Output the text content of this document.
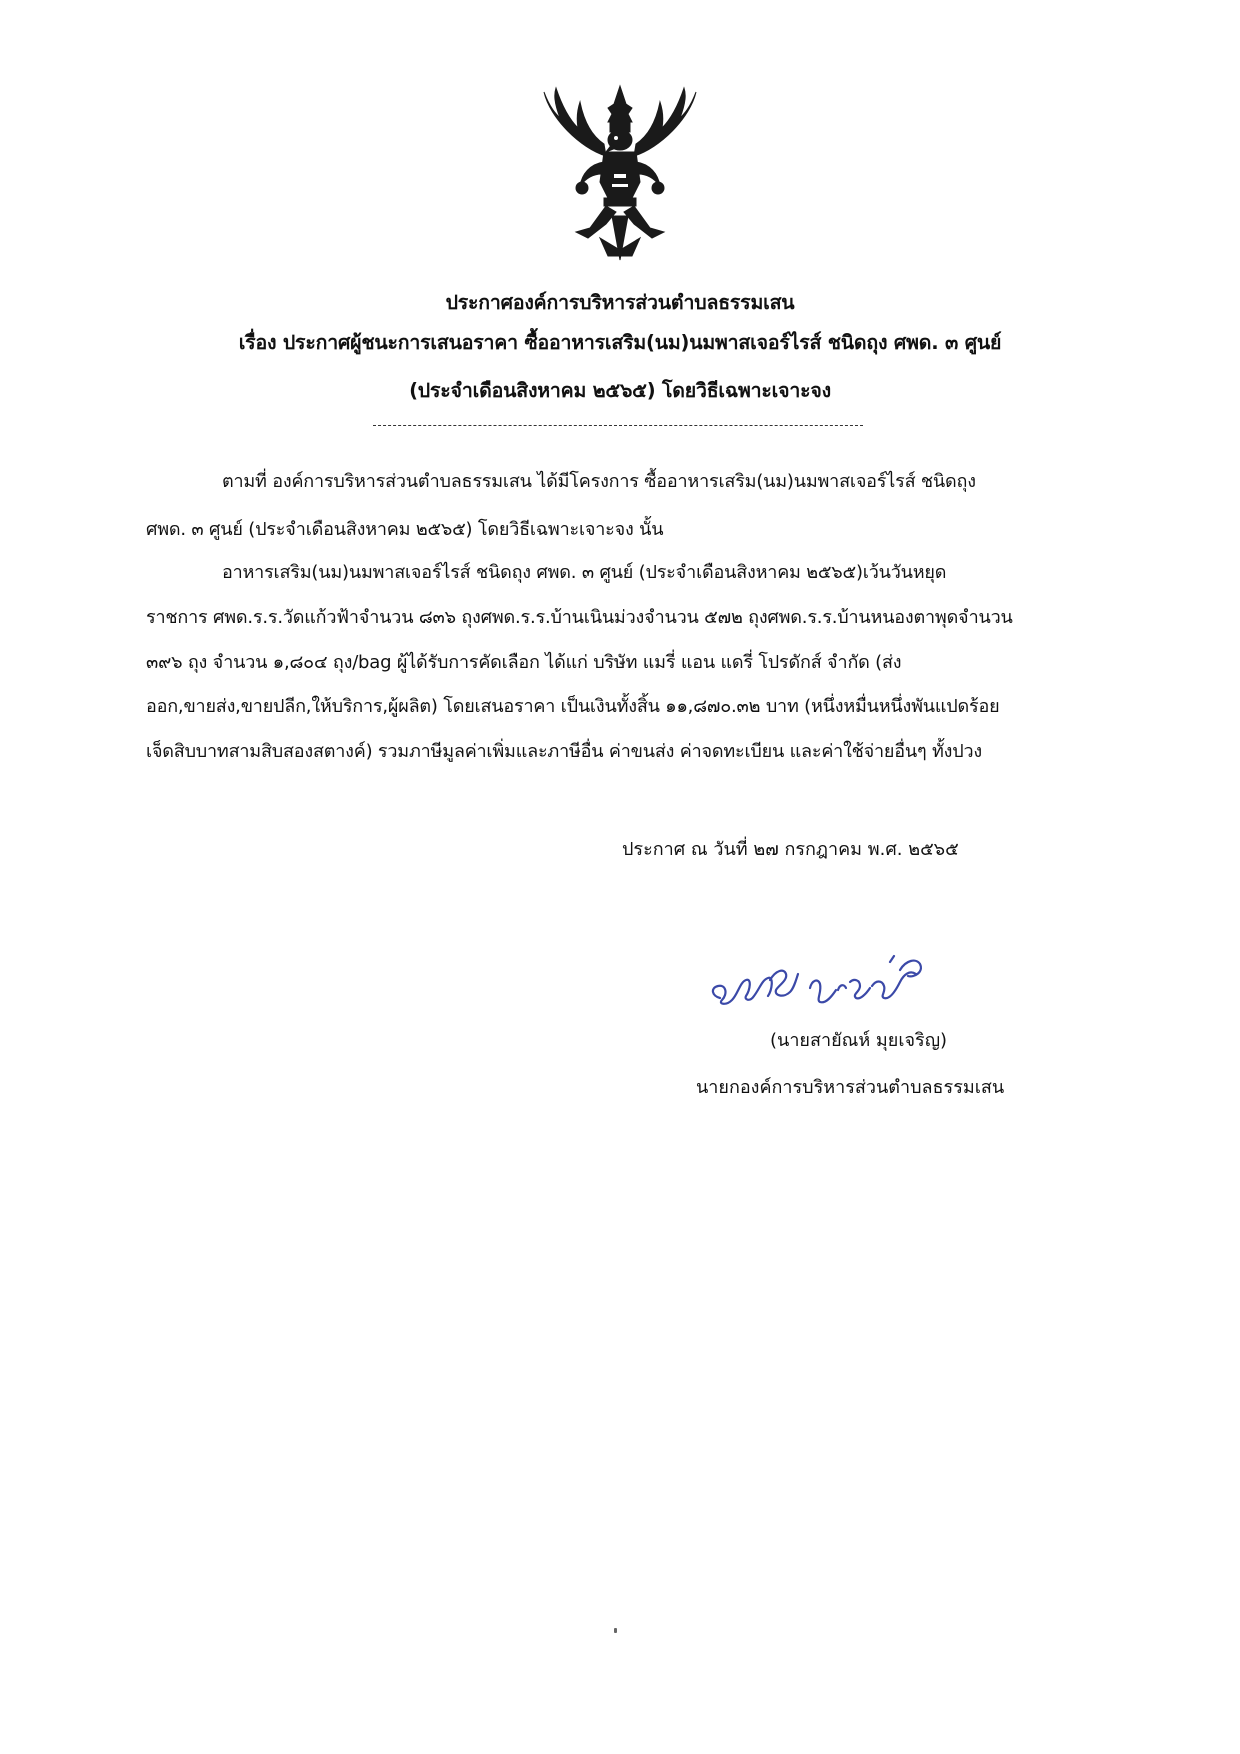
ประกาศองค์การบริหารส่วนตำบลธรรมเสน
เรื่อง ประกาศผู้ชนะการเสนอราคา ซื้ออาหารเสริม(นม)นมพาสเจอร์ไรส์ ชนิดถุง ศพด. ๓ ศูนย์
(ประจำเดือนสิงหาคม ๒๕๖๕) โดยวิธีเฉพาะเจาะจง
ตามที่ องค์การบริหารส่วนตำบลธรรมเสน ได้มีโครงการ ซื้ออาหารเสริม(นม)นมพาสเจอร์ไรส์ ชนิดถุง
ศพด. ๓ ศูนย์ (ประจำเดือนสิงหาคม ๒๕๖๕) โดยวิธีเฉพาะเจาะจง นั้น
อาหารเสริม(นม)นมพาสเจอร์ไรส์ ชนิดถุง ศพด. ๓ ศูนย์ (ประจำเดือนสิงหาคม ๒๕๖๕)เว้นวันหยุด
ราชการ ศพด.ร.ร.วัดแก้วฟ้าจำนวน ๘๓๖ ถุงศพด.ร.ร.บ้านเนินม่วงจำนวน ๕๗๒ ถุงศพด.ร.ร.บ้านหนองตาพุดจำนวน
๓๙๖ ถุง จำนวน ๑,๘๐๔ ถุง/bag ผู้ได้รับการคัดเลือก ได้แก่ บริษัท แมรี่ แอน แดรี่ โปรดักส์ จำกัด (ส่ง
ออก,ขายส่ง,ขายปลีก,ให้บริการ,ผู้ผลิต) โดยเสนอราคา เป็นเงินทั้งสิ้น ๑๑,๘๗๐.๓๒ บาท (หนึ่งหมื่นหนึ่งพันแปดร้อย
เจ็ดสิบบาทสามสิบสองสตางค์) รวมภาษีมูลค่าเพิ่มและภาษีอื่น ค่าขนส่ง ค่าจดทะเบียน และค่าใช้จ่ายอื่นๆ ทั้งปวง
ประกาศ ณ วันที่ ๒๗ กรกฎาคม พ.ศ. ๒๕๖๕
(นายสายัณห์ มุยเจริญ)
นายกองค์การบริหารส่วนตำบลธรรมเสน
